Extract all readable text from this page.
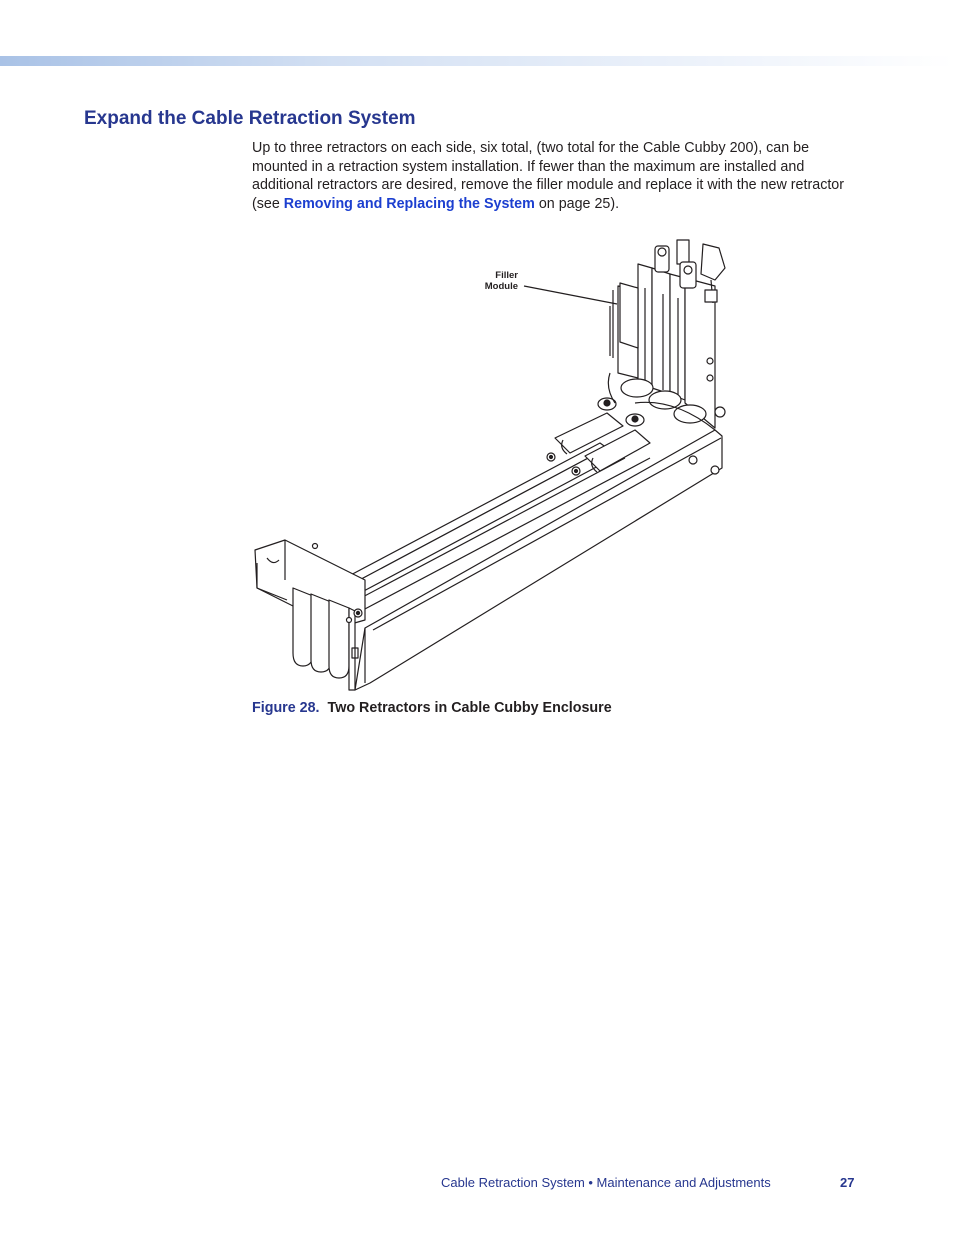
Expand the Cable Retraction System

Up to three retractors on each side, six total, (two total for the Cable Cubby 200), can be mounted in a retraction system installation. If fewer than the maximum are installed and additional retractors are desired, remove the filler module and replace it with the new retractor (see Removing and Replacing the System on page 25).

Filler
Module

Figure 28. Two Retractors in Cable Cubby Enclosure

Cable Retraction System • Maintenance and Adjustments	27
